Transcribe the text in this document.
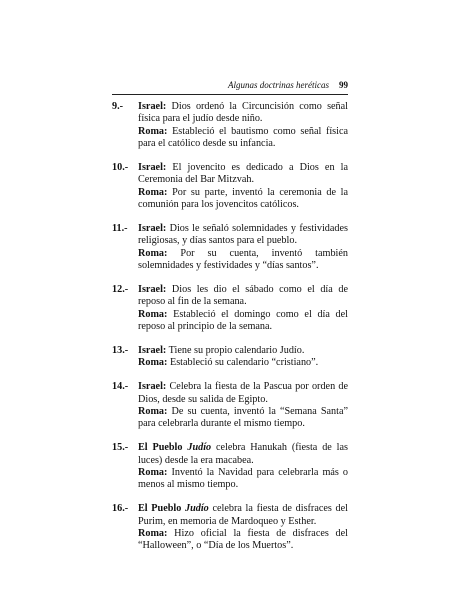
Algunas doctrinas heréticas 99
9.-	Israel: Dios ordenó la Circuncisión como señal física para el judío desde niño.

Roma: Estableció el bautismo como señal física para el católico desde su infancia.

10.- Israel: El jovencito es dedicado a Dios en la Ceremonia del Bar Mitzvah.

Roma: Por su parte, inventó la ceremonia de la comunión para los jovencitos católicos.

11.-	Israel: Dios le señaló solemnidades y festividades religiosas, y días santos para el pueblo.

Roma: Por su cuenta, inventó también solemnidades y festividades y “días santos”.

12.- Israel: Dios les dio el sábado como el día de reposo al fin de la semana.

Roma: Estableció el domingo como el día del reposo al principio de la semana.

13.- Israel: Tiene su propio calendario Judío.

Roma: Estableció su calendario “cristiano”.

14.- Israel: Celebra la fiesta de la Pascua por orden de Dios, desde su salida de Egipto.

Roma: De su cuenta, inventó la “Semana Santa” para celebrarla durante el mismo tiempo.

15.- El Pueblo Judío celebra Hanukah (fiesta de las luces) desde la era macabea.

Roma: Inventó la Navidad para celebrarla más o menos al mismo tiempo.

16.- El Pueblo Judío celebra la fiesta de disfraces del Purim, en memoria de Mardoqueo y Esther.

Roma: Hizo oficial la fiesta de disfraces del “Halloween”, o “Día de los Muertos”.
